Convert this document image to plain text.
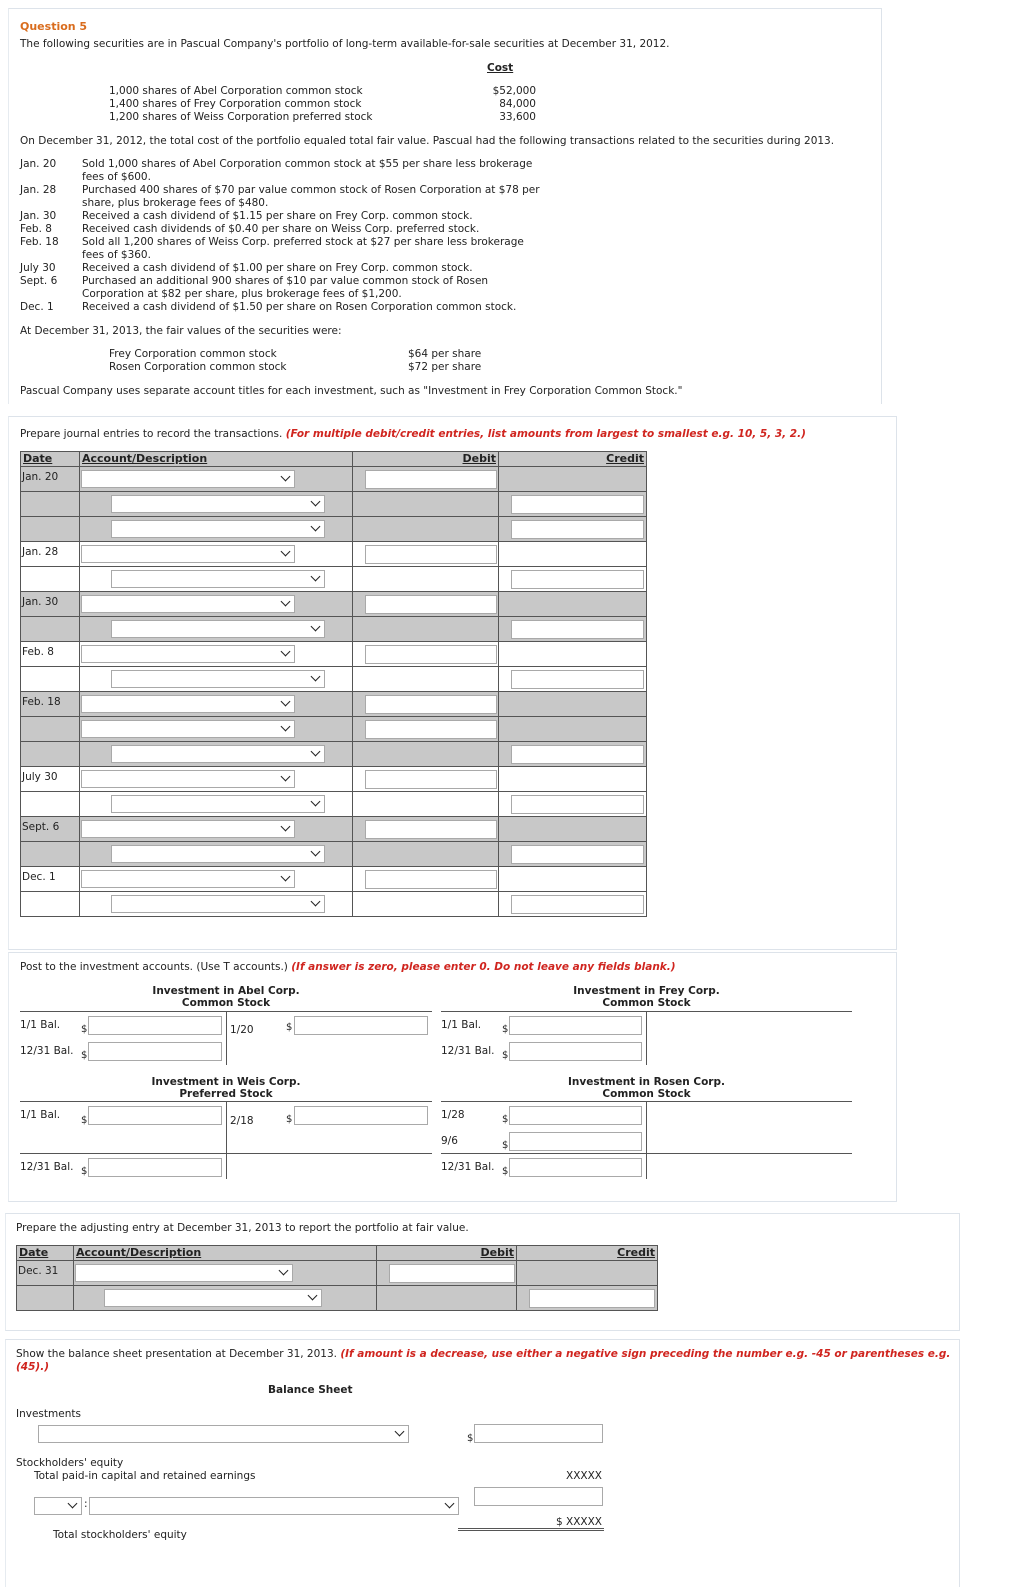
Question 5
The following securities are in Pascual Company's portfolio of long-term available-for-sale securities at December 31, 2012.
Cost
1,000 shares of Abel Corporation common stock	$52,000
1,400 shares of Frey Corporation common stock	84,000
1,200 shares of Weiss Corporation preferred stock	33,600
On December 31, 2012, the total cost of the portfolio equaled total fair value. Pascual had the following transactions related to the securities during 2013.
Jan. 20 Sold 1,000 shares of Abel Corporation common stock at $55 per share less brokerage
fees of $600.
Jan. 28 Purchased 400 shares of $70 par value common stock of Rosen Corporation at $78 per
share, plus brokerage fees of $480.
Jan. 30 Received a cash dividend of $1.15 per share on Frey Corp. common stock.
Feb. 8	Received cash dividends of $0.40 per share on Weiss Corp. preferred stock.
Feb. 18 Sold all 1,200 shares of Weiss Corp. preferred stock at $27 per share less brokerage
fees of $360.
July 30	Received a cash dividend of $1.00 per share on Frey Corp. common stock.
Sept. 6 Purchased an additional 900 shares of $10 par value common stock of Rosen
Corporation at $82 per share, plus brokerage fees of $1,200.
Dec. 1	Received a cash dividend of $1.50 per share on Rosen Corporation common stock.
At December 31, 2013, the fair values of the securities were:
Frey Corporation common stock	$64 per share
Rosen Corporation common stock	$72 per share
Pascual Company uses separate account titles for each investment, such as "Investment in Frey Corporation Common Stock."
Prepare journal entries to record the transactions. (For multiple debit/credit entries, list amounts from largest to smallest e.g. 10, 5, 3, 2.)
Date	Account/Description	Debit	Credit
Jan. 20	

Jan. 28	

Jan. 30	

Feb. 8	

Feb. 18	

July 30	

Sept. 6	

Dec. 1	

Post to the investment accounts. (Use T accounts.) (If answer is zero, please enter 0. Do not leave any fields blank.)
Investment in Abel Corp.
Common Stock
1/1 Bal. $	1/20	$
12/31 Bal. $
Investment in Frey Corp.
Common Stock
1/1 Bal. $
12/31 Bal. $
Investment in Weis Corp.
Preferred Stock
1/1 Bal. $	2/18	$
12/31 Bal. $
Investment in Rosen Corp.
Common Stock
1/28	$
9/6	$
12/31 Bal. $
Prepare the adjusting entry at December 31, 2013 to report the portfolio at fair value.
Date	Account/Description	Debit	Credit
Dec. 31	

Show the balance sheet presentation at December 31, 2013. (If amount is a decrease, use either a negative sign preceding the number e.g. -45 or parentheses e.g.
(45).)
Balance Sheet
Investments
$
Stockholders' equity
Total paid-in capital and retained earnings	XXXXX
:
$ XXXXX
Total stockholders' equity
